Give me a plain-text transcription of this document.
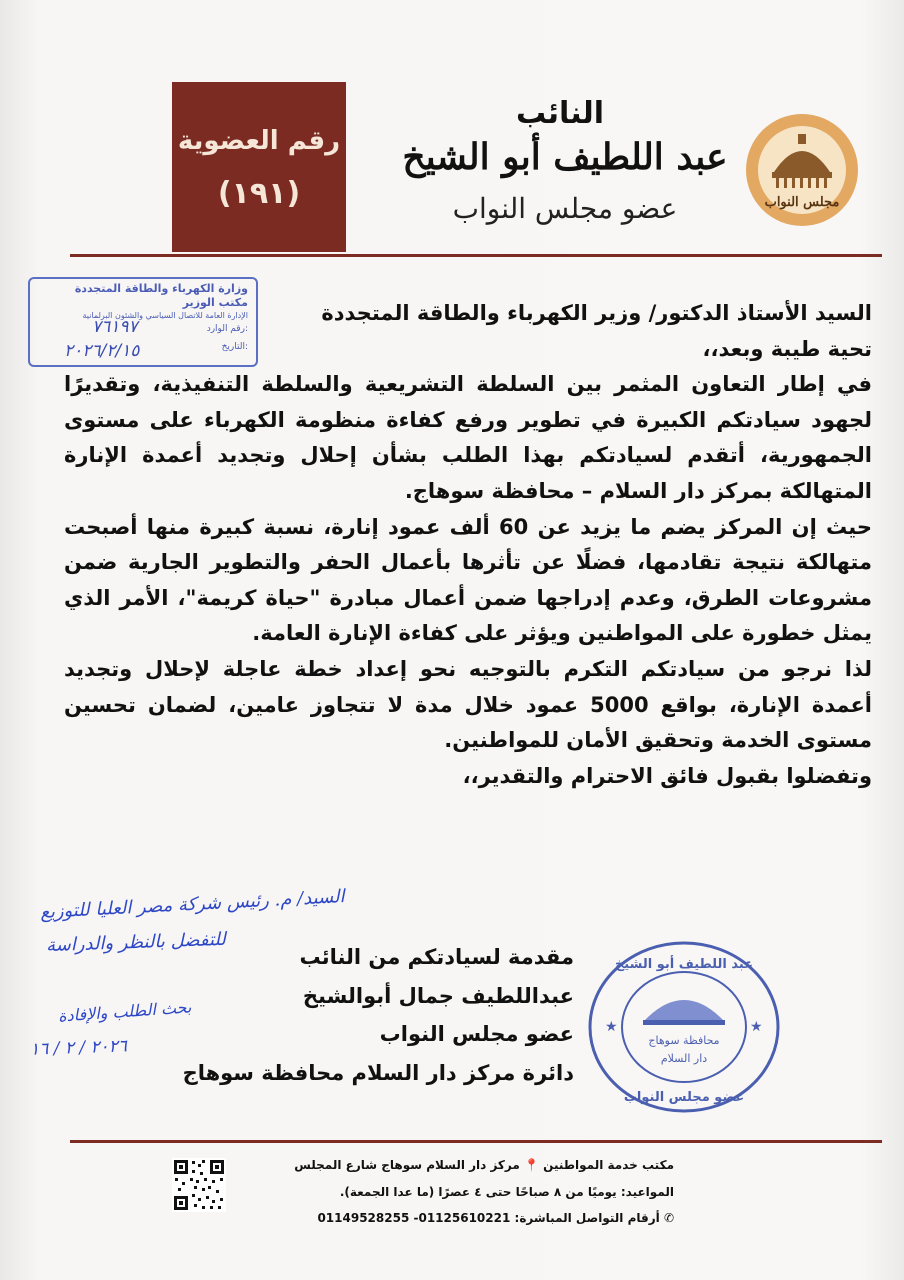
رقم العضوية
(١٩١)
النائب
عبد اللطيف أبو الشيخ
عضو مجلس النواب	مجلس النواب
وزارة الكهرباء والطاقة المتجددة
مكتب الوزير
الإدارة العامة للاتصال السياسي والشئون البرلمانية
رقم الوارد:
التاريخ:
٧٦١٩٧
٢٠٢٦/٢/١٥

السيد الأستاذ الدكتور/ وزير الكهرباء والطاقة المتجددة

تحية طيبة وبعد،،

في إطار التعاون المثمر بين السلطة التشريعية والسلطة التنفيذية، وتقديرًا لجهود سيادتكم الكبيرة في تطوير ورفع كفاءة منظومة الكهرباء على مستوى الجمهورية، أتقدم لسيادتكم بهذا الطلب بشأن إحلال وتجديد أعمدة الإنارة المتهالكة بمركز دار السلام – محافظة سوهاج.

حيث إن المركز يضم ما يزيد عن 60 ألف عمود إنارة، نسبة كبيرة منها أصبحت متهالكة نتيجة تقادمها، فضلًا عن تأثرها بأعمال الحفر والتطوير الجارية ضمن مشروعات الطرق، وعدم إدراجها ضمن أعمال مبادرة "حياة كريمة"، الأمر الذي يمثل خطورة على المواطنين ويؤثر على كفاءة الإنارة العامة.

لذا نرجو من سيادتكم التكرم بالتوجيه نحو إعداد خطة عاجلة لإحلال وتجديد أعمدة الإنارة، بواقع 5000 عمود خلال مدة لا تتجاوز عامين، لضمان تحسين مستوى الخدمة وتحقيق الأمان للمواطنين.

وتفضلوا بقبول فائق الاحترام والتقدير،،

السيد/ م. رئيس شركة مصر العليا للتوزيع
للتفضل بالنظر والدراسة
بحث الطلب والإفادة
٢٠٢٦ / ٢ / ١٦
مقدمة لسيادتكم من النائب
عبداللطيف جمال أبوالشيخ
عضو مجلس النواب
دائرة مركز دار السلام محافظة سوهاج
★	★
عبد اللطيف أبو الشيخ
عضو مجلس النواب
محافظة سوهاج
دار السلام
مكتب خدمة المواطنين 📍 مركز دار السلام سوهاج شارع المجلس
المواعيد: يوميًا من ٨ صباحًا حتى ٤ عصرًا (ما عدا الجمعة).
✆ أرقام التواصل المباشرة: 01125610221- 01149528255
